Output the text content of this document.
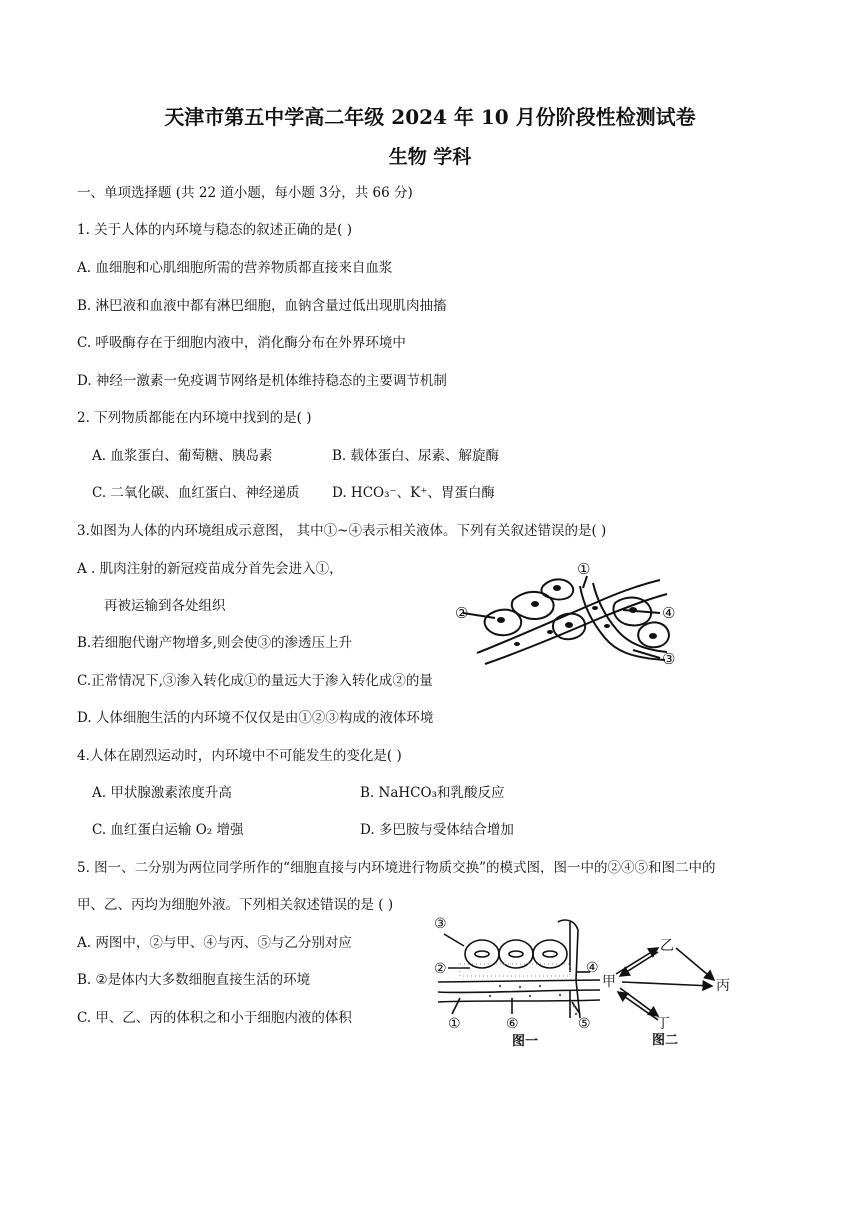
天津市第五中学高二年级 2024 年 10 月份阶段性检测试卷
生物 学科
一、单项选择题 (共 22 道小题，每小题 3分，共 66 分)
1. 关于人体的内环境与稳态的叙述正确的是( )
A. 血细胞和心肌细胞所需的营养物质都直接来自血浆
B. 淋巴液和血液中都有淋巴细胞，血钠含量过低出现肌肉抽搐
C. 呼吸酶存在于细胞内液中，消化酶分布在外界环境中
D. 神经一激素一免疫调节网络是机体维持稳态的主要调节机制
2. 下列物质都能在内环境中找到的是( )
A. 血浆蛋白、葡萄糖、胰岛素	B. 载体蛋白、尿素、解旋酶
C. 二氧化碳、血红蛋白、神经递质 D. HCO₃⁻、K⁺、胃蛋白酶
3.如图为人体的内环境组成示意图， 其中①~④表示相关液体。下列有关叙述错误的是( )
A . 肌肉注射的新冠疫苗成分首先会进入①，
再被运输到各处组织
B.若细胞代谢产物增多,则会使③的渗透压上升
C.正常情况下,③渗入转化成①的量远大于渗入转化成②的量
D. 人体细胞生活的内环境不仅仅是由①②③构成的液体环境
①
②
③
④
4.人体在剧烈运动时，内环境中不可能发生的变化是( )
A. 甲状腺激素浓度升高	B. NaHCO₃和乳酸反应
C. 血红蛋白运输 O₂ 增强	D. 多巴胺与受体结合增加
5. 图一、二分别为两位同学所作的“细胞直接与内环境进行物质交换”的模式图，图一中的②④⑤和图二中的
甲、乙、丙均为细胞外液。下列相关叙述错误的是 ( )
A. 两图中，②与甲、④与丙、⑤与乙分别对应
B. ②是体内大多数细胞直接生活的环境
C. 甲、乙、丙的体积之和小于细胞内液的体积
③
②	④
①	⑥	⑤
图一
乙
甲	丙
丁
图二
